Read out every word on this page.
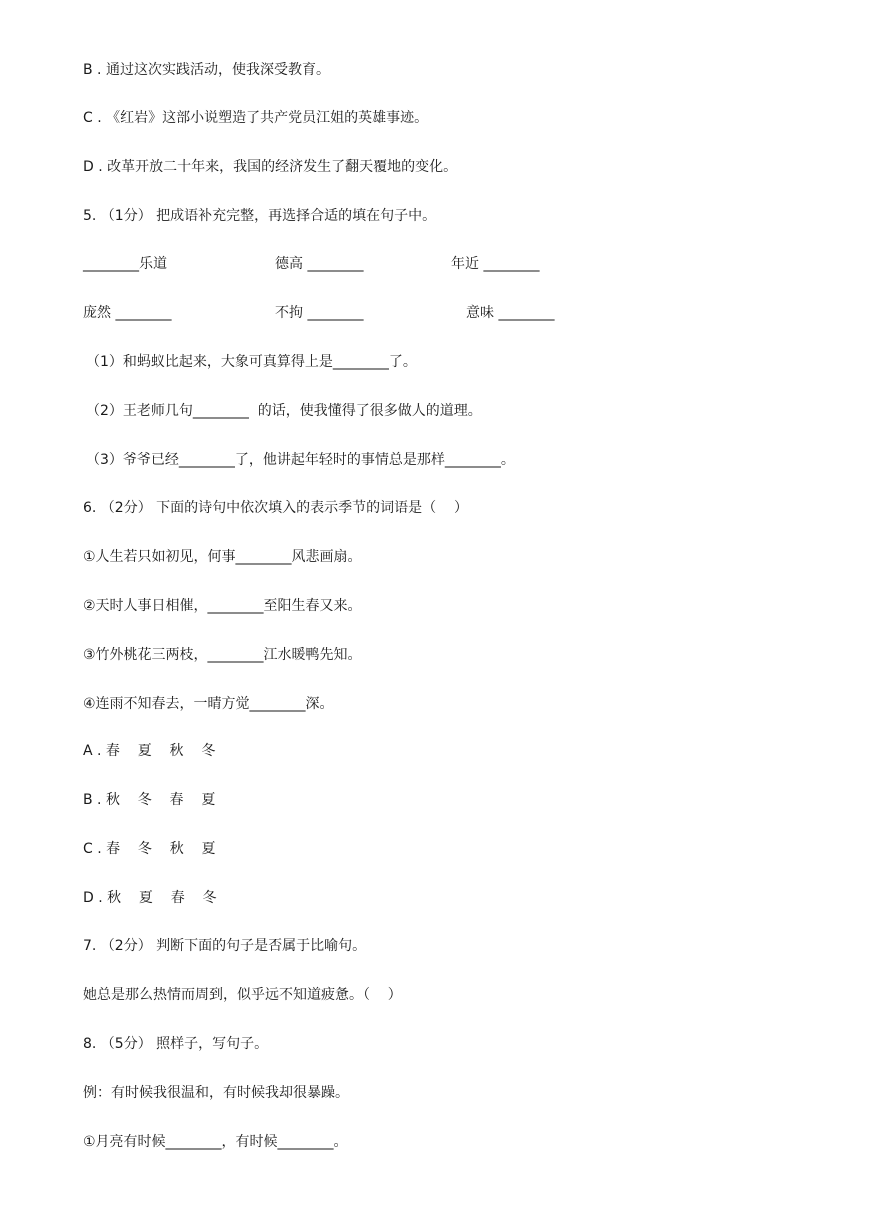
B . 通过这次实践活动，使我深受教育。
C . 《红岩》这部小说塑造了共产党员江姐的英雄事迹。
D . 改革开放二十年来，我国的经济发生了翻天覆地的变化。
5. （1分） 把成语补充完整，再选择合适的填在句子中。
________乐道	德高 ________	年近 ________
庞然 ________	不拘 ________	意味 ________
（1）和蚂蚁比起来，大象可真算得上是________了。
（2）王老师几句________  的话，使我懂得了很多做人的道理。
（3）爷爷已经________了，他讲起年轻时的事情总是那样________。
6. （2分） 下面的诗句中依次填入的表示季节的词语是（    ）
①人生若只如初见，何事________风悲画扇。
②天时人事日相催，________至阳生春又来。
③竹外桃花三两枝，________江水暖鸭先知。
④连雨不知春去，一晴方觉________深。
A . 春    夏    秋    冬
B . 秋    冬    春    夏
C . 春    冬    秋    夏
D . 秋    夏    春    冬
7. （2分） 判断下面的句子是否属于比喻句。
她总是那么热情而周到，似乎远不知道疲惫。（    ）
8. （5分） 照样子，写句子。
例：有时候我很温和，有时候我却很暴躁。
①月亮有时候________，有时候________。
